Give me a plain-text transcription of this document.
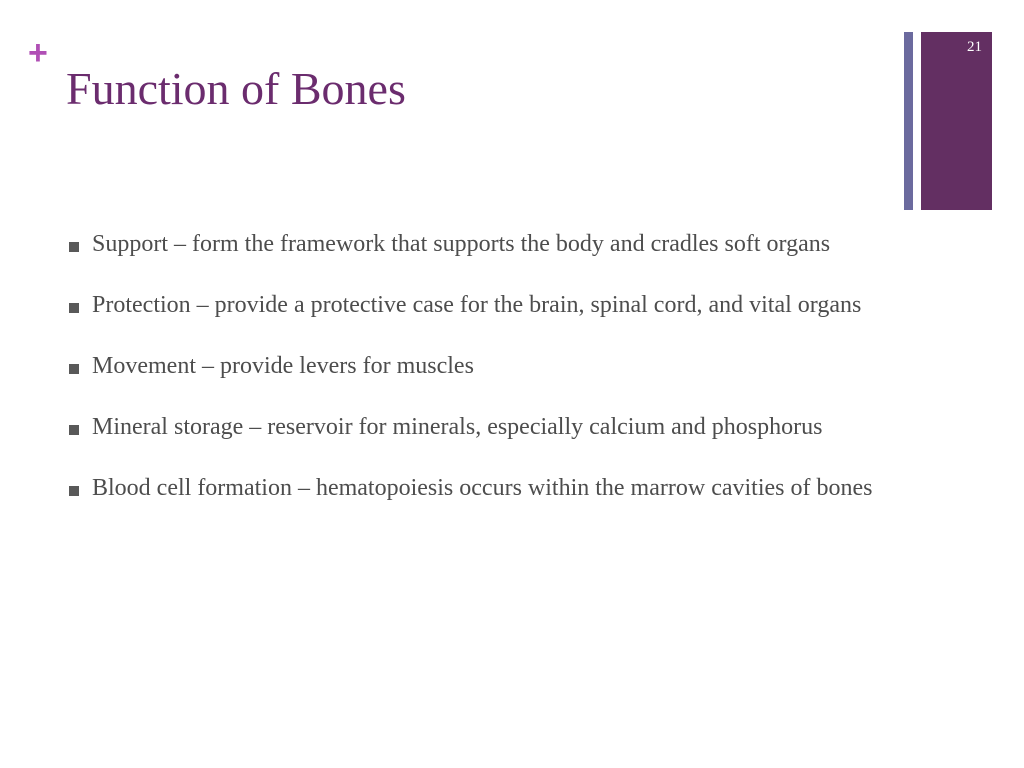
+
Function of Bones
21
Support – form the framework that supports the body and cradles soft organs
Protection – provide a protective case for the brain, spinal cord, and vital organs
Movement – provide levers for muscles
Mineral storage – reservoir for minerals, especially calcium and phosphorus
Blood cell formation – hematopoiesis occurs within the marrow cavities of bones
